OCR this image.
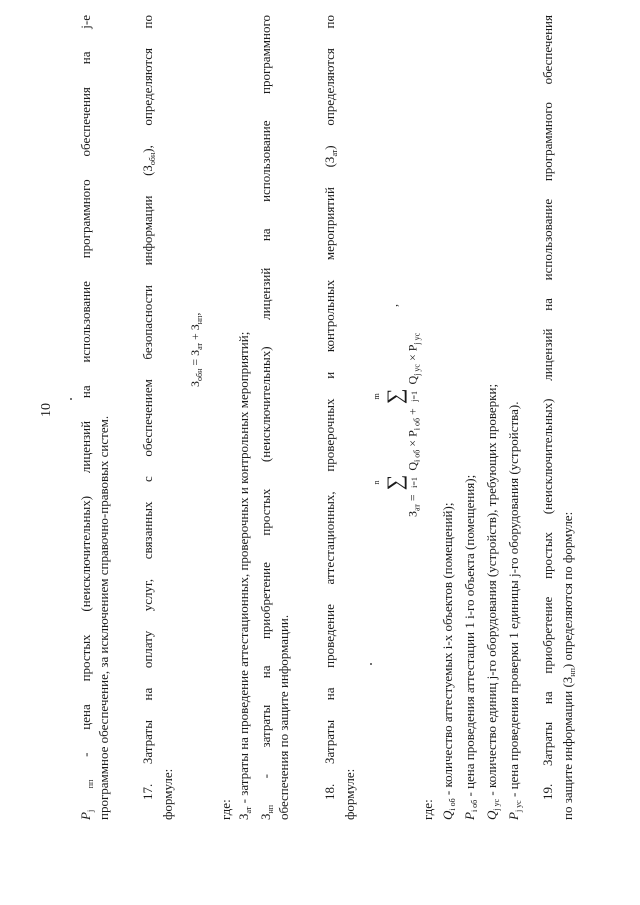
10
$P_{j пп}$ - цена простых (неисключительных) лицензий на использование программного обеспечения на j-е программное обеспечение, за исключением справочно-правовых систем. 17. Затраты на оплату услуг, связанных с обеспечением безопасности информации $(З_{обн})$, определяются по
формуле:
$З_{обн} = З_{ат} + З_{нп}$,
где: $З_{ат}$ - затраты на проведение аттестационных, проверочных и контрольных мероприятий;
$З_{нп}$ - затраты на приобретение простых (неисключительных) лицензий на использование программного обеспечения по защите информации. 18. Затраты на проведение аттестационных, проверочных и контрольных мероприятий $(З_{ат})$ определяются по
формуле:
$З_{ат}$ =
n ∑ i=1
$Q_{i об} \times P_{i об}$ +
m ∑ j=1
$Q_{j ус} \times P_{j ус}$
,
где: $Q_{i об}$ - количество аттестуемых i-х объектов (помещений);
$P_{i об}$ - цена проведения аттестации 1 i-го объекта (помещения);
$Q_{j ус}$ - количество единиц j-го оборудования (устройств), требующих проверки;
$P_{j ус}$ - цена проведения проверки 1 единицы j-го оборудования (устройства). 19. Затраты на приобретение простых (неисключительных) лицензий на использование программного обеспечения по защите информации $(З_{нп})$ определяются по формуле:
